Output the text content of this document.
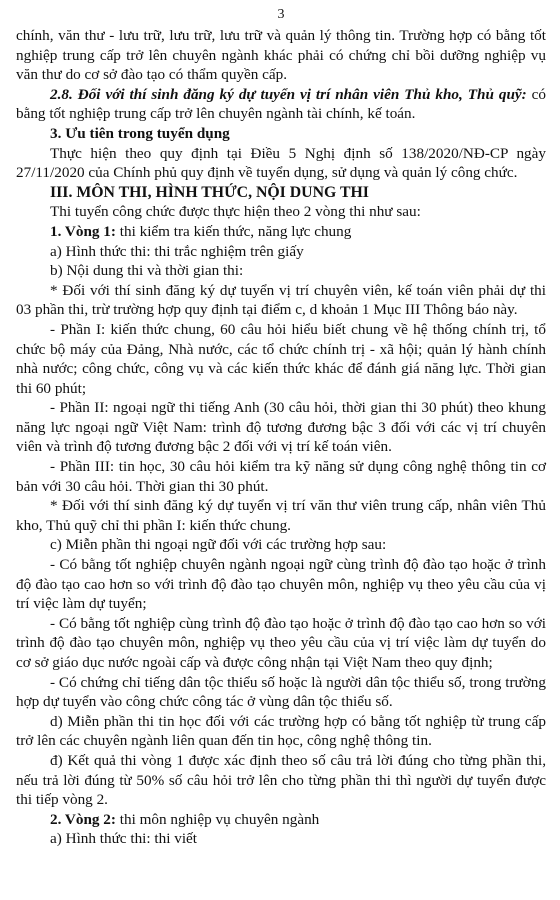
3

chính, văn thư - lưu trữ, lưu trữ, lưu trữ và quản lý thông tin. Trường hợp có bằng tốt nghiệp trung cấp trở lên chuyên ngành khác phải có chứng chỉ bồi dưỡng nghiệp vụ văn thư do cơ sở đào tạo có thẩm quyền cấp.

2.8. Đối với thí sinh đăng ký dự tuyển vị trí nhân viên Thủ kho, Thủ quỹ: có bằng tốt nghiệp trung cấp trở lên chuyên ngành tài chính, kế toán.

3. Ưu tiên trong tuyển dụng

Thực hiện theo quy định tại Điều 5 Nghị định số 138/2020/NĐ-CP ngày 27/11/2020 của Chính phủ quy định về tuyển dụng, sử dụng và quản lý công chức.

III. MÔN THI, HÌNH THỨC, NỘI DUNG THI

Thi tuyển công chức được thực hiện theo 2 vòng thi như sau:

1. Vòng 1: thi kiểm tra kiến thức, năng lực chung

a) Hình thức thi: thi trắc nghiệm trên giấy

b) Nội dung thi và thời gian thi:

* Đối với thí sinh đăng ký dự tuyển vị trí chuyên viên, kế toán viên phải dự thi 03 phần thi, trừ trường hợp quy định tại điểm c, d khoản 1 Mục III Thông báo này.

- Phần I: kiến thức chung, 60 câu hỏi hiểu biết chung về hệ thống chính trị, tổ chức bộ máy của Đảng, Nhà nước, các tổ chức chính trị - xã hội; quản lý hành chính nhà nước; công chức, công vụ và các kiến thức khác để đánh giá năng lực. Thời gian thi 60 phút;

- Phần II: ngoại ngữ thi tiếng Anh (30 câu hỏi, thời gian thi 30 phút) theo khung năng lực ngoại ngữ Việt Nam: trình độ tương đương bậc 3 đối với các vị trí chuyên viên và trình độ tương đương bậc 2 đối với vị trí kế toán viên.

- Phần III: tin học, 30 câu hỏi kiểm tra kỹ năng sử dụng công nghệ thông tin cơ bản với 30 câu hỏi. Thời gian thi 30 phút.

* Đối với thí sinh đăng ký dự tuyển vị trí văn thư viên trung cấp, nhân viên Thủ kho, Thủ quỹ chỉ thi phần I: kiến thức chung.

c) Miễn phần thi ngoại ngữ đối với các trường hợp sau:

- Có bằng tốt nghiệp chuyên ngành ngoại ngữ cùng trình độ đào tạo hoặc ở trình độ đào tạo cao hơn so với trình độ đào tạo chuyên môn, nghiệp vụ theo yêu cầu của vị trí việc làm dự tuyển;

- Có bằng tốt nghiệp cùng trình độ đào tạo hoặc ở trình độ đào tạo cao hơn so với trình độ đào tạo chuyên môn, nghiệp vụ theo yêu cầu của vị trí việc làm dự tuyển do cơ sở giáo dục nước ngoài cấp và được công nhận tại Việt Nam theo quy định;

- Có chứng chỉ tiếng dân tộc thiểu số hoặc là người dân tộc thiểu số, trong trường hợp dự tuyển vào công chức công tác ở vùng dân tộc thiểu số.

d) Miễn phần thi tin học đối với các trường hợp có bằng tốt nghiệp từ trung cấp trở lên các chuyên ngành liên quan đến tin học, công nghệ thông tin.

đ) Kết quả thi vòng 1 được xác định theo số câu trả lời đúng cho từng phần thi, nếu trả lời đúng từ 50% số câu hỏi trở lên cho từng phần thi thì người dự tuyển được thi tiếp vòng 2.

2. Vòng 2: thi môn nghiệp vụ chuyên ngành

a) Hình thức thi: thi viết
